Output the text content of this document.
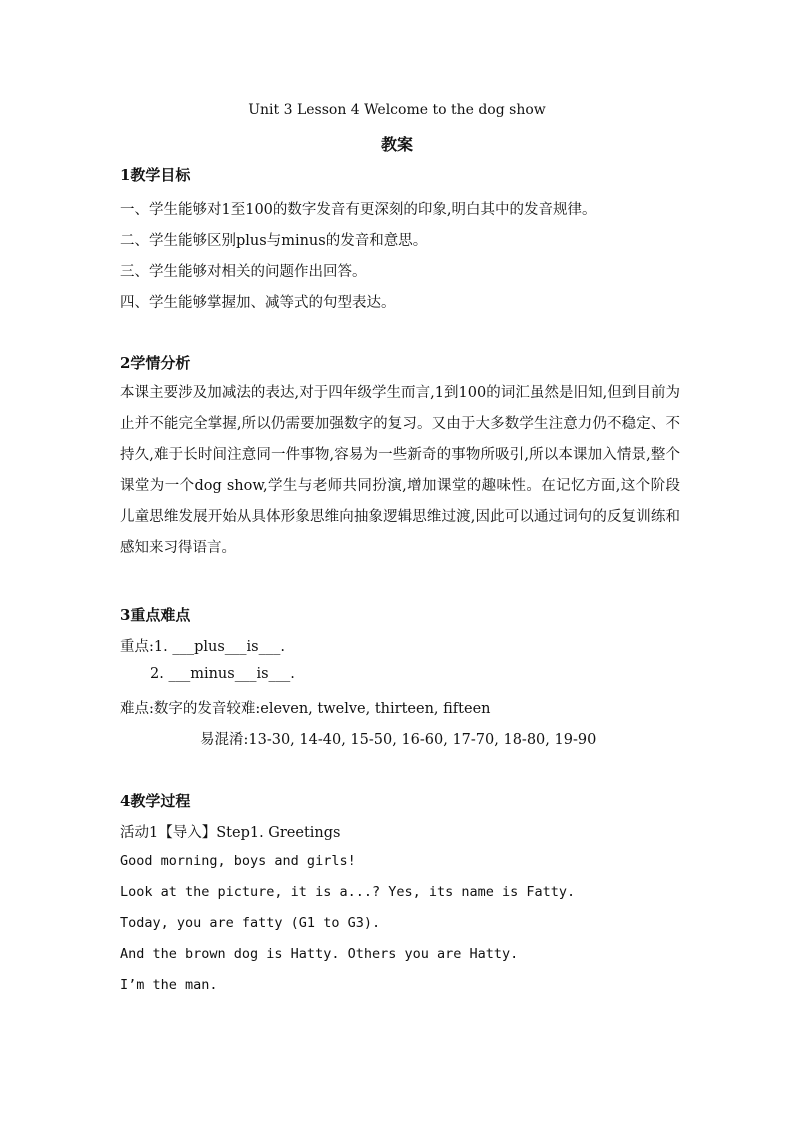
Unit 3 Lesson 4 Welcome to the dog show
教案
1教学目标
一、学生能够对1至100的数字发音有更深刻的印象,明白其中的发音规律。
二、学生能够区别plus与minus的发音和意思。
三、学生能够对相关的问题作出回答。
四、学生能够掌握加、减等式的句型表达。
2学情分析
本课主要涉及加减法的表达,对于四年级学生而言,1到100的词汇虽然是旧知,但到目前为止并不能完全掌握,所以仍需要加强数字的复习。又由于大多数学生注意力仍不稳定、不持久,难于长时间注意同一件事物,容易为一些新奇的事物所吸引,所以本课加入情景,整个课堂为一个dog show,学生与老师共同扮演,增加课堂的趣味性。在记忆方面,这个阶段儿童思维发展开始从具体形象思维向抽象逻辑思维过渡,因此可以通过词句的反复训练和感知来习得语言。
3重点难点
重点:1. ___plus___is___.
2. ___minus___is___.
难点:数字的发音较难:eleven, twelve, thirteen, fifteen
易混淆:13-30, 14-40, 15-50, 16-60, 17-70, 18-80, 19-90
4教学过程
活动1【导入】Step1. Greetings
Good morning, boys and girls!
Look at the picture, it is a...? Yes, its name is Fatty.
Today, you are fatty (G1 to G3).
And the brown dog is Hatty. Others you are Hatty.
I’m the man.
